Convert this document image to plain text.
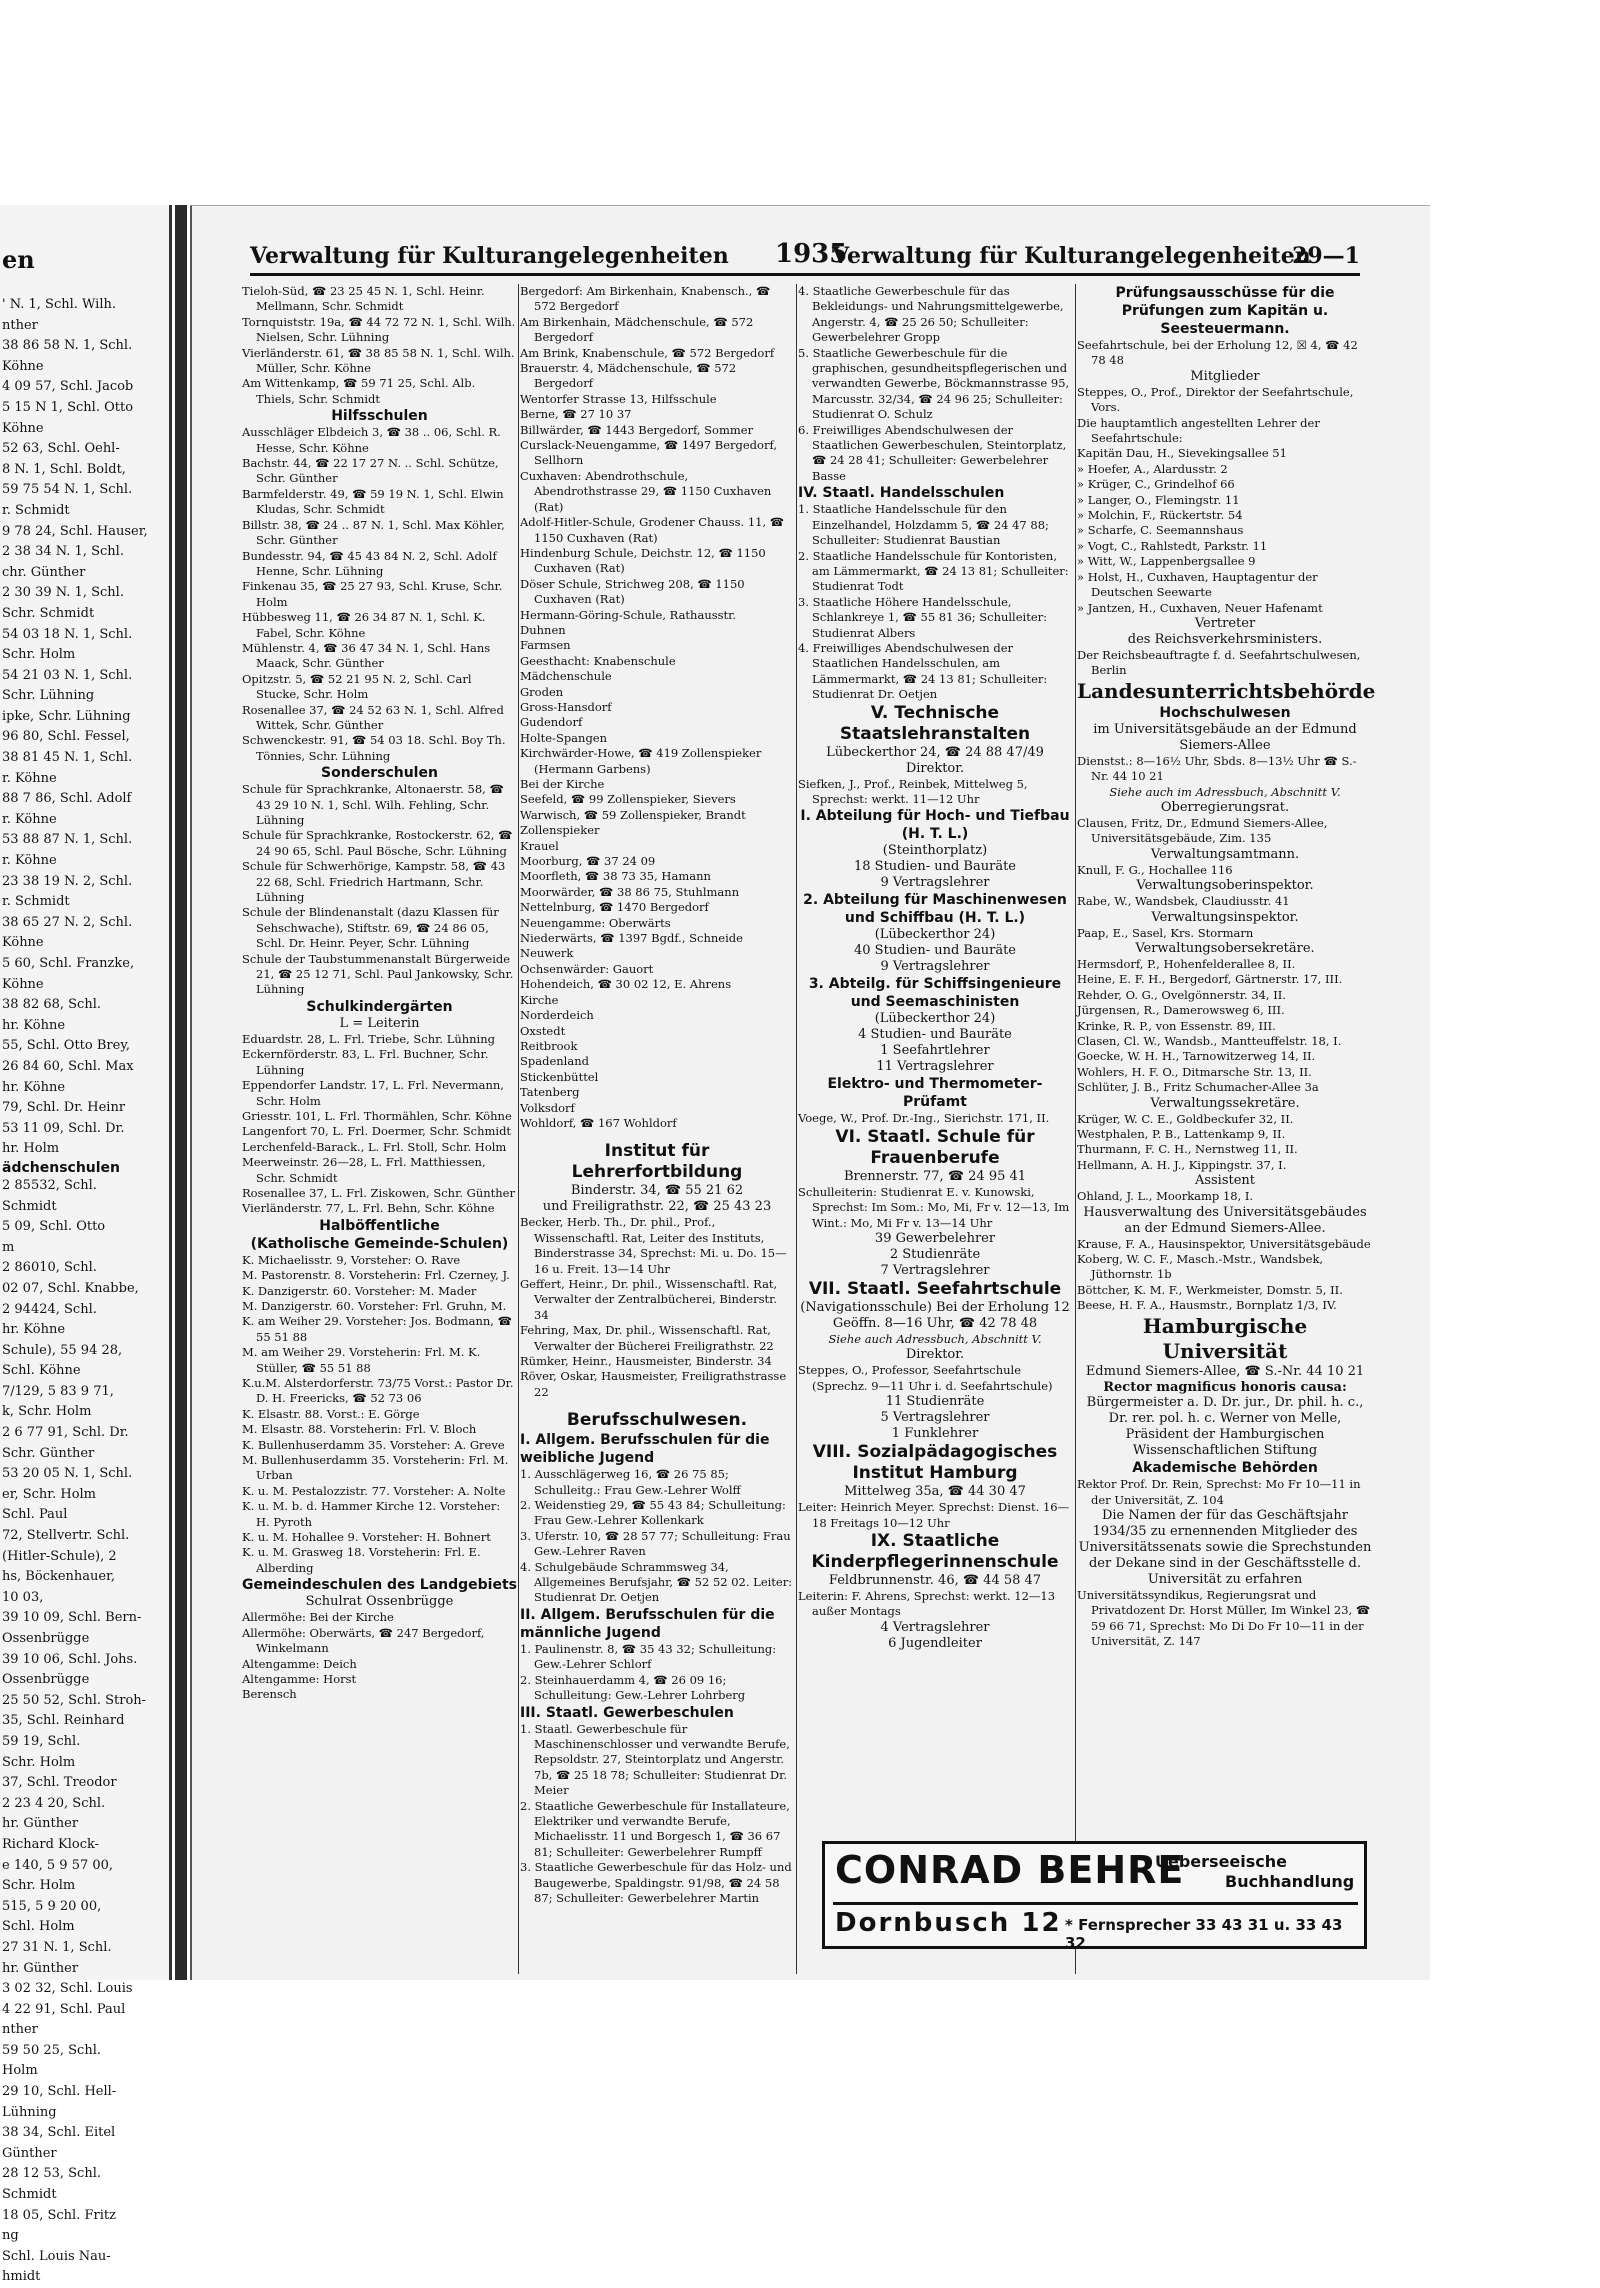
en
' N. 1, Schl. Wilh.
nther
38 86 58 N. 1, Schl.
Köhne
4 09 57, Schl. Jacob
5 15 N 1, Schl. Otto
Köhne
52 63, Schl. Oehl-
8 N. 1, Schl. Boldt,
59 75 54 N. 1, Schl.
r. Schmidt
9 78 24, Schl. Hauser,
2 38 34 N. 1, Schl.
chr. Günther
2 30 39 N. 1, Schl.
Schr. Schmidt
54 03 18 N. 1, Schl.
Schr. Holm
54 21 03 N. 1, Schl.
Schr. Lühning
ipke, Schr. Lühning
96 80, Schl. Fessel,
38 81 45 N. 1, Schl.
r. Köhne
88 7 86, Schl. Adolf
r. Köhne
53 88 87 N. 1, Schl.
r. Köhne
23 38 19 N. 2, Schl.
r. Schmidt
38 65 27 N. 2, Schl.
Köhne
5 60, Schl. Franzke,
Köhne
38 82 68, Schl.
hr. Köhne
55, Schl. Otto Brey,
26 84 60, Schl. Max
hr. Köhne
79, Schl. Dr. Heinr
53 11 09, Schl. Dr.
hr. Holm
ädchenschulen
2 85532, Schl.
Schmidt
5 09, Schl. Otto
m
2 86010, Schl.
02 07, Schl. Knabbe,
2 94424, Schl.
hr. Köhne
Schule), 55 94 28,
Schl. Köhne
7/129, 5 83 9 71,
k, Schr. Holm
2 6 77 91, Schl. Dr.
Schr. Günther
53 20 05 N. 1, Schl.
er, Schr. Holm
Schl. Paul
72, Stellvertr. Schl.
(Hitler-Schule), 2
hs, Böckenhauer,
10 03,
39 10 09, Schl. Bern-
Ossenbrügge
39 10 06, Schl. Johs.
Ossenbrügge
25 50 52, Schl. Stroh-
35, Schl. Reinhard
59 19, Schl.
Schr. Holm
37, Schl. Treodor
2 23 4 20, Schl.
hr. Günther
Richard Klock-
e 140, 5 9 57 00,
Schr. Holm
515, 5 9 20 00,
Schl. Holm
27 31 N. 1, Schl.
hr. Günther
3 02 32, Schl. Louis
4 22 91, Schl. Paul
nther
59 50 25, Schl.
Holm
29 10, Schl. Hell-
Lühning
38 34, Schl. Eitel
Günther
28 12 53, Schl.
Schmidt
18 05, Schl. Fritz
ng
Schl. Louis Nau-
hmidt
Verwaltung für Kulturangelegenheiten 1935
Verwaltung für Kulturangelegenheiten
29—1

Tieloh-Süd, ☎ 23 25 45 N. 1, Schl. Heinr. Mellmann, Schr. Schmidt

Tornquiststr. 19a, ☎ 44 72 72 N. 1, Schl. Wilh. Nielsen, Schr. Lühning

Vierländerstr. 61, ☎ 38 85 58 N. 1, Schl. Wilh. Müller, Schr. Köhne

Am Wittenkamp, ☎ 59 71 25, Schl. Alb. Thiels, Schr. Schmidt

Hilfsschulen

Ausschläger Elbdeich 3, ☎ 38 .. 06, Schl. R. Hesse, Schr. Köhne

Bachstr. 44, ☎ 22 17 27 N. .. Schl. Schütze, Schr. Günther

Barmfelderstr. 49, ☎ 59 19 N. 1, Schl. Elwin Kludas, Schr. Schmidt

Billstr. 38, ☎ 24 .. 87 N. 1, Schl. Max Köhler, Schr. Günther

Bundesstr. 94, ☎ 45 43 84 N. 2, Schl. Adolf Henne, Schr. Lühning

Finkenau 35, ☎ 25 27 93, Schl. Kruse, Schr. Holm

Hübbesweg 11, ☎ 26 34 87 N. 1, Schl. K. Fabel, Schr. Köhne

Mühlenstr. 4, ☎ 36 47 34 N. 1, Schl. Hans Maack, Schr. Günther

Opitzstr. 5, ☎ 52 21 95 N. 2, Schl. Carl Stucke, Schr. Holm

Rosenallee 37, ☎ 24 52 63 N. 1, Schl. Alfred Wittek, Schr. Günther

Schwenckestr. 91, ☎ 54 03 18. Schl. Boy Th. Tönnies, Schr. Lühning

Sonderschulen

Schule für Sprachkranke, Altonaerstr. 58, ☎ 43 29 10 N. 1, Schl. Wilh. Fehling, Schr. Lühning

Schule für Sprachkranke, Rostockerstr. 62, ☎ 24 90 65, Schl. Paul Bösche, Schr. Lühning

Schule für Schwerhörige, Kampstr. 58, ☎ 43 22 68, Schl. Friedrich Hartmann, Schr. Lühning

Schule der Blindenanstalt (dazu Klassen für Sehschwache), Stiftstr. 69, ☎ 24 86 05, Schl. Dr. Heinr. Peyer, Schr. Lühning

Schule der Taubstummenanstalt Bürgerweide 21, ☎ 25 12 71, Schl. Paul Jankowsky, Schr. Lühning

Schulkindergärten

L = Leiterin

Eduardstr. 28, L. Frl. Triebe, Schr. Lühning

Eckernförderstr. 83, L. Frl. Buchner, Schr. Lühning

Eppendorfer Landstr. 17, L. Frl. Nevermann, Schr. Holm

Griesstr. 101, L. Frl. Thormählen, Schr. Köhne

Langenfort 70, L. Frl. Doermer, Schr. Schmidt

Lerchenfeld-Barack., L. Frl. Stoll, Schr. Holm

Meerweinstr. 26—28, L. Frl. Matthiessen, Schr. Schmidt

Rosenallee 37, L. Frl. Ziskowen, Schr. Günther

Vierländerstr. 77, L. Frl. Behn, Schr. Köhne

Halböffentliche

(Katholische Gemeinde-Schulen)

K. Michaelisstr. 9, Vorsteher: O. Rave

M. Pastorenstr. 8. Vorsteherin: Frl. Czerney, J.

K. Danzigerstr. 60. Vorsteher: M. Mader

M. Danzigerstr. 60. Vorsteher: Frl. Gruhn, M.

K. am Weiher 29. Vorsteher: Jos. Bodmann, ☎ 55 51 88

M. am Weiher 29. Vorsteherin: Frl. M. K. Stüller, ☎ 55 51 88

K.u.M. Alsterdorferstr. 73/75 Vorst.: Pastor Dr. D. H. Freericks, ☎ 52 73 06

K. Elsastr. 88. Vorst.: E. Görge

M. Elsastr. 88. Vorsteherin: Frl. V. Bloch

K. Bullenhuserdamm 35. Vorsteher: A. Greve

M. Bullenhuserdamm 35. Vorsteherin: Frl. M. Urban

K. u. M. Pestalozzistr. 77. Vorsteher: A. Nolte

K. u. M. b. d. Hammer Kirche 12. Vorsteher: H. Pyroth

K. u. M. Hohallee 9. Vorsteher: H. Bohnert

K. u. M. Grasweg 18. Vorsteherin: Frl. E. Alberding

Gemeindeschulen des Landgebiets

Schulrat Ossenbrügge

Allermöhe: Bei der Kirche

Allermöhe: Oberwärts, ☎ 247 Bergedorf, Winkelmann

Altengamme: Deich

Altengamme: Horst

Berensch

Bergedorf: Am Birkenhain, Knabensch., ☎ 572 Bergedorf

Am Birkenhain, Mädchenschule, ☎ 572 Bergedorf

Am Brink, Knabenschule, ☎ 572 Bergedorf

Brauerstr. 4, Mädchenschule, ☎ 572 Bergedorf

Wentorfer Strasse 13, Hilfsschule

Berne, ☎ 27 10 37

Billwärder, ☎ 1443 Bergedorf, Sommer

Curslack-Neuengamme, ☎ 1497 Bergedorf, Sellhorn

Cuxhaven: Abendrothschule, Abendrothstrasse 29, ☎ 1150 Cuxhaven (Rat)

Adolf-Hitler-Schule, Grodener Chauss. 11, ☎ 1150 Cuxhaven (Rat)

Hindenburg Schule, Deichstr. 12, ☎ 1150 Cuxhaven (Rat)

Döser Schule, Strichweg 208, ☎ 1150 Cuxhaven (Rat)

Hermann-Göring-Schule, Rathausstr.

Duhnen

Farmsen

Geesthacht: Knabenschule

Mädchenschule

Groden

Gross-Hansdorf

Gudendorf

Holte-Spangen

Kirchwärder-Howe, ☎ 419 Zollenspieker (Hermann Garbens)

Bei der Kirche

Seefeld, ☎ 99 Zollenspieker, Sievers

Warwisch, ☎ 59 Zollenspieker, Brandt

Zollenspieker

Krauel

Moorburg, ☎ 37 24 09

Moorfleth, ☎ 38 73 35, Hamann

Moorwärder, ☎ 38 86 75, Stuhlmann

Nettelnburg, ☎ 1470 Bergedorf

Neuengamme: Oberwärts

Niederwärts, ☎ 1397 Bgdf., Schneide

Neuwerk

Ochsenwärder: Gauort

Hohendeich, ☎ 30 02 12, E. Ahrens

Kirche

Norderdeich

Oxstedt

Reitbrook

Spadenland

Stickenbüttel

Tatenberg

Volksdorf

Wohldorf, ☎ 167 Wohldorf

Institut für Lehrerfortbildung

Binderstr. 34, ☎ 55 21 62

und Freiligrathstr. 22, ☎ 25 43 23

Becker, Herb. Th., Dr. phil., Prof., Wissenschaftl. Rat, Leiter des Instituts, Binderstrasse 34, Sprechst: Mi. u. Do. 15—16 u. Freit. 13—14 Uhr

Geffert, Heinr., Dr. phil., Wissenschaftl. Rat, Verwalter der Zentralbücherei, Binderstr. 34

Fehring, Max, Dr. phil., Wissenschaftl. Rat, Verwalter der Bücherei Freiligrathstr. 22

Rümker, Heinr., Hausmeister, Binderstr. 34

Röver, Oskar, Hausmeister, Freiligrathstrasse 22

Berufsschulwesen.

I. Allgem. Berufsschulen für die weibliche Jugend

1. Ausschlägerweg 16, ☎ 26 75 85; Schulleitg.: Frau Gew.-Lehrer Wolff

2. Weidenstieg 29, ☎ 55 43 84; Schulleitung: Frau Gew.-Lehrer Kollenkark

3. Uferstr. 10, ☎ 28 57 77; Schulleitung: Frau Gew.-Lehrer Raven

4. Schulgebäude Schrammsweg 34, Allgemeines Berufsjahr, ☎ 52 52 02. Leiter: Studienrat Dr. Oetjen

II. Allgem. Berufsschulen für die männliche Jugend

1. Paulinenstr. 8, ☎ 35 43 32; Schulleitung: Gew.-Lehrer Schlorf

2. Steinhauerdamm 4, ☎ 26 09 16; Schulleitung: Gew.-Lehrer Lohrberg

III. Staatl. Gewerbeschulen

1. Staatl. Gewerbeschule für Maschinenschlosser und verwandte Berufe, Repsoldstr. 27, Steintorplatz und Angerstr. 7b, ☎ 25 18 78; Schulleiter: Studienrat Dr. Meier

2. Staatliche Gewerbeschule für Installateure, Elektriker und verwandte Berufe, Michaelisstr. 11 und Borgesch 1, ☎ 36 67 81; Schulleiter: Gewerbelehrer Rumpff

3. Staatliche Gewerbeschule für das Holz- und Baugewerbe, Spaldingstr. 91/98, ☎ 24 58 87; Schulleiter: Gewerbelehrer Martin

4. Staatliche Gewerbeschule für das Bekleidungs- und Nahrungsmittelgewerbe, Angerstr. 4, ☎ 25 26 50; Schulleiter: Gewerbelehrer Gropp

5. Staatliche Gewerbeschule für die graphischen, gesundheitspflegerischen und verwandten Gewerbe, Böckmannstrasse 95, Marcusstr. 32/34, ☎ 24 96 25; Schulleiter: Studienrat O. Schulz

6. Freiwilliges Abendschulwesen der Staatlichen Gewerbeschulen, Steintorplatz, ☎ 24 28 41; Schulleiter: Gewerbelehrer Basse

IV. Staatl. Handelsschulen

1. Staatliche Handelsschule für den Einzelhandel, Holzdamm 5, ☎ 24 47 88; Schulleiter: Studienrat Baustian

2. Staatliche Handelsschule für Kontoristen, am Lämmermarkt, ☎ 24 13 81; Schulleiter: Studienrat Todt

3. Staatliche Höhere Handelsschule, Schlankreye 1, ☎ 55 81 36; Schulleiter: Studienrat Albers

4. Freiwilliges Abendschulwesen der Staatlichen Handelsschulen, am Lämmermarkt, ☎ 24 13 81; Schulleiter: Studienrat Dr. Oetjen

V. Technische Staatslehranstalten

Lübeckerthor 24, ☎ 24 88 47/49

Direktor.

Siefken, J., Prof., Reinbek, Mittelweg 5, Sprechst: werkt. 11—12 Uhr

I. Abteilung für Hoch- und Tiefbau (H. T. L.)

(Steinthorplatz)

18 Studien- und Bauräte

9 Vertragslehrer

2. Abteilung für Maschinenwesen und Schiffbau (H. T. L.)

(Lübeckerthor 24)

40 Studien- und Bauräte

9 Vertragslehrer

3. Abteilg. für Schiffsingenieure und Seemaschinisten

(Lübeckerthor 24)

4 Studien- und Bauräte

1 Seefahrtlehrer

11 Vertragslehrer

Elektro- und Thermometer-Prüfamt

Voege, W., Prof. Dr.-Ing., Sierichstr. 171, II.

VI. Staatl. Schule für Frauenberufe

Brennerstr. 77, ☎ 24 95 41

Schulleiterin: Studienrat E. v. Kunowski, Sprechst: Im Som.: Mo, Mi, Fr v. 12—13, Im Wint.: Mo, Mi Fr v. 13—14 Uhr

39 Gewerbelehrer

2 Studienräte

7 Vertragslehrer

VII. Staatl. Seefahrtschule

(Navigationsschule) Bei der Erholung 12

Geöffn. 8—16 Uhr, ☎ 42 78 48

Siehe auch Adressbuch, Abschnitt V.

Direktor.

Steppes, O., Professor, Seefahrtschule (Sprechz. 9—11 Uhr i. d. Seefahrtschule)

11 Studienräte

5 Vertragslehrer

1 Funklehrer

VIII. Sozialpädagogisches Institut Hamburg

Mittelweg 35a, ☎ 44 30 47

Leiter: Heinrich Meyer. Sprechst: Dienst. 16—18 Freitags 10—12 Uhr

IX. Staatliche Kinderpflegerinnenschule

Feldbrunnenstr. 46, ☎ 44 58 47

Leiterin: F. Ahrens, Sprechst: werkt. 12—13 außer Montags

4 Vertragslehrer

6 Jugendleiter

Prüfungsausschüsse für die Prüfungen zum Kapitän u. Seesteuermann.

Seefahrtschule, bei der Erholung 12, ☒ 4, ☎ 42 78 48

Mitglieder

Steppes, O., Prof., Direktor der Seefahrtschule, Vors.

Die hauptamtlich angestellten Lehrer der Seefahrtschule:

Kapitän Dau, H., Sievekingsallee 51

» Hoefer, A., Alardusstr. 2

» Krüger, C., Grindelhof 66

» Langer, O., Flemingstr. 11

» Molchin, F., Rückertstr. 54

» Scharfe, C. Seemannshaus

» Vogt, C., Rahlstedt, Parkstr. 11

» Witt, W., Lappenbergsallee 9

» Holst, H., Cuxhaven, Hauptagentur der Deutschen Seewarte

» Jantzen, H., Cuxhaven, Neuer Hafenamt

Vertreter

des Reichsverkehrsministers.

Der Reichsbeauftragte f. d. Seefahrtschulwesen, Berlin

Landesunterrichtsbehörde

Hochschulwesen

im Universitätsgebäude an der Edmund Siemers-Allee

Dienstst.: 8—16½ Uhr, Sbds. 8—13½ Uhr ☎ S.-Nr. 44 10 21

Siehe auch im Adressbuch, Abschnitt V.

Oberregierungsrat.

Clausen, Fritz, Dr., Edmund Siemers-Allee, Universitätsgebäude, Zim. 135

Verwaltungsamtmann.

Knull, F. G., Hochallee 116

Verwaltungsoberinspektor.

Rabe, W., Wandsbek, Claudiusstr. 41

Verwaltungsinspektor.

Paap, E., Sasel, Krs. Stormarn

Verwaltungsobersekretäre.

Hermsdorf, P., Hohenfelderallee 8, II.

Heine, E. F. H., Bergedorf, Gärtnerstr. 17, III.

Rehder, O. G., Ovelgönnerstr. 34, II.

Jürgensen, R., Damerowsweg 6, III.

Krinke, R. P., von Essenstr. 89, III.

Clasen, Cl. W., Wandsb., Mantteuffelstr. 18, I.

Goecke, W. H. H., Tarnowitzerweg 14, II.

Wohlers, H. F. O., Ditmarsche Str. 13, II.

Schlüter, J. B., Fritz Schumacher-Allee 3a

Verwaltungssekretäre.

Krüger, W. C. E., Goldbeckufer 32, II.

Westphalen, P. B., Lattenkamp 9, II.

Thurmann, F. C. H., Nernstweg 11, II.

Hellmann, A. H. J., Kippingstr. 37, I.

Assistent

Ohland, J. L., Moorkamp 18, I.

Hausverwaltung des Universitätsgebäudes

an der Edmund Siemers-Allee.

Krause, F. A., Hausinspektor, Universitätsgebäude

Koberg, W. C. F., Masch.-Mstr., Wandsbek, Jüthornstr. 1b

Böttcher, K. M. F., Werkmeister, Domstr. 5, II.

Beese, H. F. A., Hausmstr., Bornplatz 1/3, IV.

Hamburgische Universität

Edmund Siemers-Allee, ☎ S.-Nr. 44 10 21

Rector magnificus honoris causa:

Bürgermeister a. D. Dr. jur., Dr. phil. h. c., Dr. rer. pol. h. c. Werner von Melle, Präsident der Hamburgischen Wissenschaftlichen Stiftung

Akademische Behörden

Rektor Prof. Dr. Rein, Sprechst: Mo Fr 10—11 in der Universität, Z. 104

Die Namen der für das Geschäftsjahr 1934/35 zu ernennenden Mitglieder des Universitätssenats sowie die Sprechstunden der Dekane sind in der Geschäftsstelle d. Universität zu erfahren

Universitätssyndikus, Regierungsrat und Privatdozent Dr. Horst Müller, Im Winkel 23, ☎ 59 66 71, Sprechst: Mo Di Do Fr 10—11 in der Universität, Z. 147

CONRAD BEHRE
Ueberseeische
Buchhandlung
Dornbusch 12 * Fernsprecher 33 43 31 u. 33 43 32
